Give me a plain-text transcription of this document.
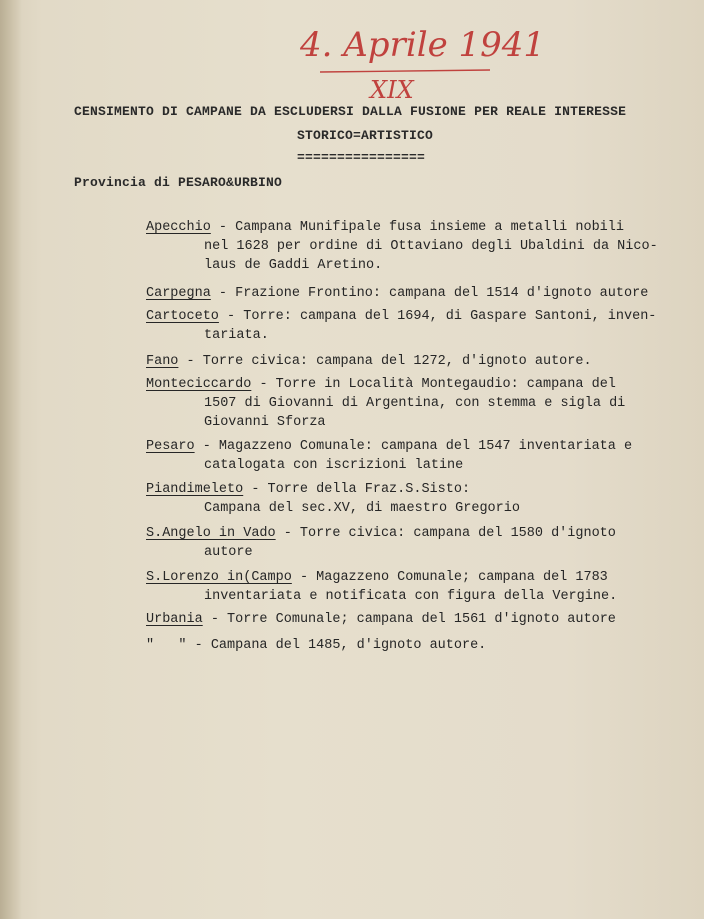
4. Aprile 1941
XIX
CENSIMENTO DI CAMPANE DA ESCLUDERSI DALLA FUSIONE PER REALE INTERESSE
STORICO=ARTISTICO
================
Provincia di PESARO&URBINO
Apecchio - Campana Munifipale fusa insieme a metalli nobili
nel 1628 per ordine di Ottaviano degli Ubaldini da Nico-
laus de Gaddi Aretino.
Carpegna - Frazione Frontino: campana del 1514 d'ignoto autore
Cartoceto - Torre: campana del 1694, di Gaspare Santoni, inven-
tariata.
Fano - Torre civica: campana del 1272, d'ignoto autore.
Monteciccardo - Torre in Località Montegaudio: campana del
1507 di Giovanni di Argentina, con stemma e sigla di
Giovanni Sforza
Pesaro - Magazzeno Comunale: campana del 1547 inventariata e
catalogata con iscrizioni latine
Piandimeleto - Torre della Fraz.S.Sisto:
Campana del sec.XV, di maestro Gregorio
S.Angelo in Vado - Torre civica: campana del 1580 d'ignoto
autore
S.Lorenzo in(Campo - Magazzeno Comunale; campana del 1783
inventariata e notificata con figura della Vergine.
Urbania - Torre Comunale; campana del 1561 d'ignoto autore
"   " - Campana del 1485, d'ignoto autore.
